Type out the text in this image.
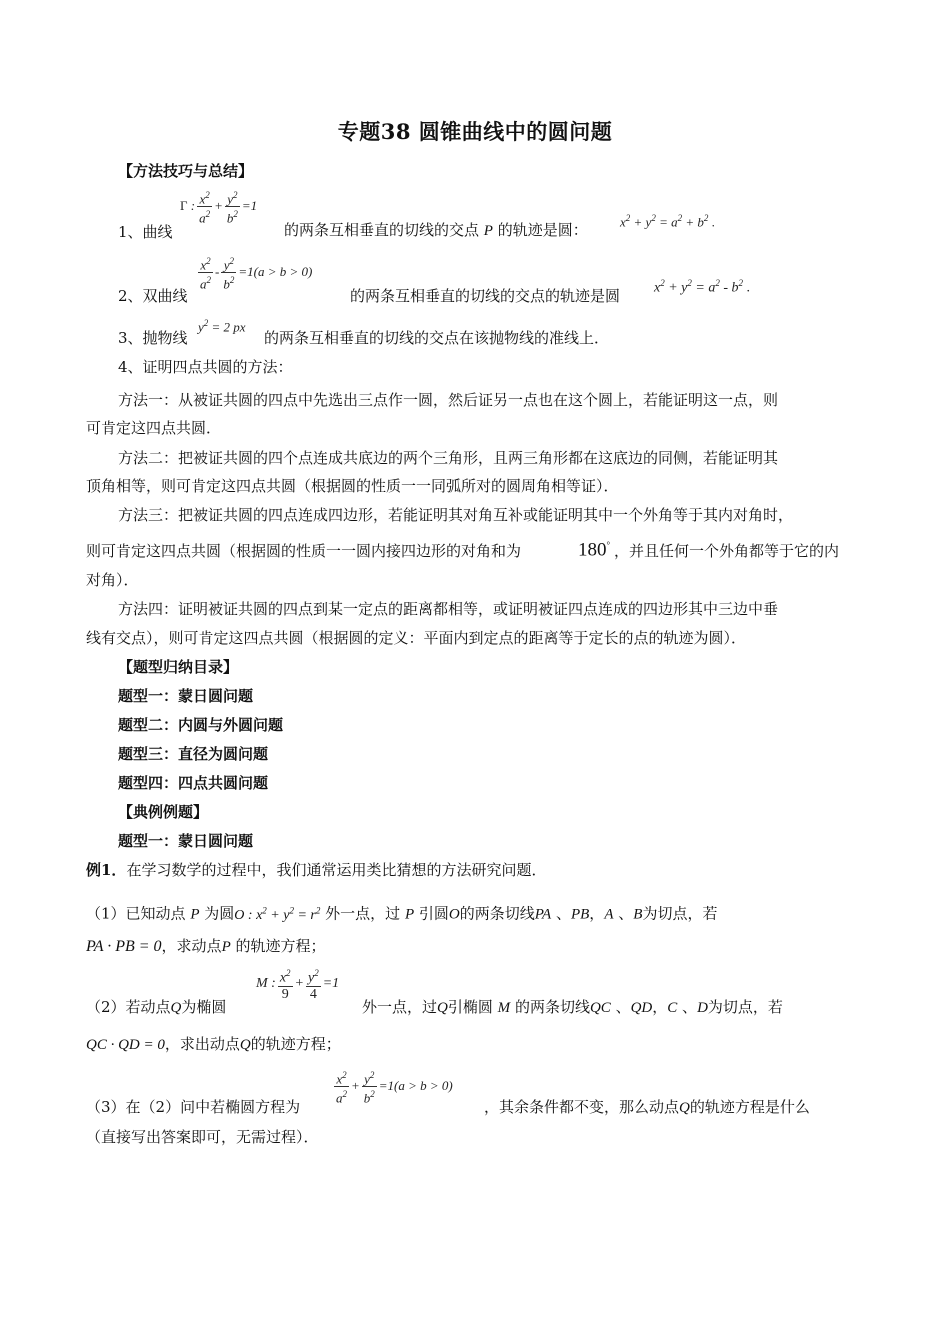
专题38 圆锥曲线中的圆问题
【方法技巧与总结】
Γ : $\frac{x^2}{a^2} + \frac{y^2}{b^2} =1$
1、曲线	的两条互相垂直的切线的交点 P 的轨迹是圆： $x^2 + y^2 = a^2 + b^2$ .
$\frac{x^2}{a^2} - \frac{y^2}{b^2} =1(a > b > 0)$
2、双曲线	的两条互相垂直的切线的交点的轨迹是圆 $x^2 + y^2 = a^2 - b^2$ .
3、抛物线
$y^2 = 2$ px
的两条互相垂直的切线的交点在该抛物线的准线上．
4、证明四点共圆的方法：
方法一：从被证共圆的四点中先选出三点作一圆，然后证另一点也在这个圆上，若能证明这一点，则
可肯定这四点共圆．
方法二：把被证共圆的四个点连成共底边的两个三角形，且两三角形都在这底边的同侧，若能证明其
顶角相等，则可肯定这四点共圆（根据圆的性质一一同弧所对的圆周角相等证）．
方法三：把被证共圆的四点连成四边形，若能证明其对角互补或能证明其中一个外角等于其内对角时，
则可肯定这四点共圆（根据圆的性质一一圆内接四边形的对角和为	180° ，并且任何一个外角都等于它的内
对角）．
方法四：证明被证共圆的四点到某一定点的距离都相等，或证明被证四点连成的四边形其中三边中垂
线有交点），则可肯定这四点共圆（根据圆的定义：平面内到定点的距离等于定长的点的轨迹为圆）．
【题型归纳目录】
题型一：蒙日圆问题
题型二：内圆与外圆问题
题型三：直径为圆问题
题型四：四点共圆问题
【典例例题】
题型一：蒙日圆问题
例1．在学习数学的过程中，我们通常运用类比猜想的方法研究问题．
（1）已知动点 P 为圆O : $x^2 + y^2 = r^2$ 外一点，过 P 引圆O的两条切线PA 、PB，A 、B为切点，若
PA · PB = 0，求动点P 的轨迹方程；
M : $\frac{x^2}{9} + \frac{y^2}{4} =1$
（2）若动点Q为椭圆	外一点，过Q引椭圆 M 的两条切线QC 、QD，C 、D为切点，若
QC · QD = 0，求出动点Q的轨迹方程；
$\frac{x^2}{a^2} + \frac{y^2}{b^2} =1(a > b > 0)$
（3）在（2）问中若椭圆方程为	，其余条件都不变，那么动点Q的轨迹方程是什么
（直接写出答案即可，无需过程）．
